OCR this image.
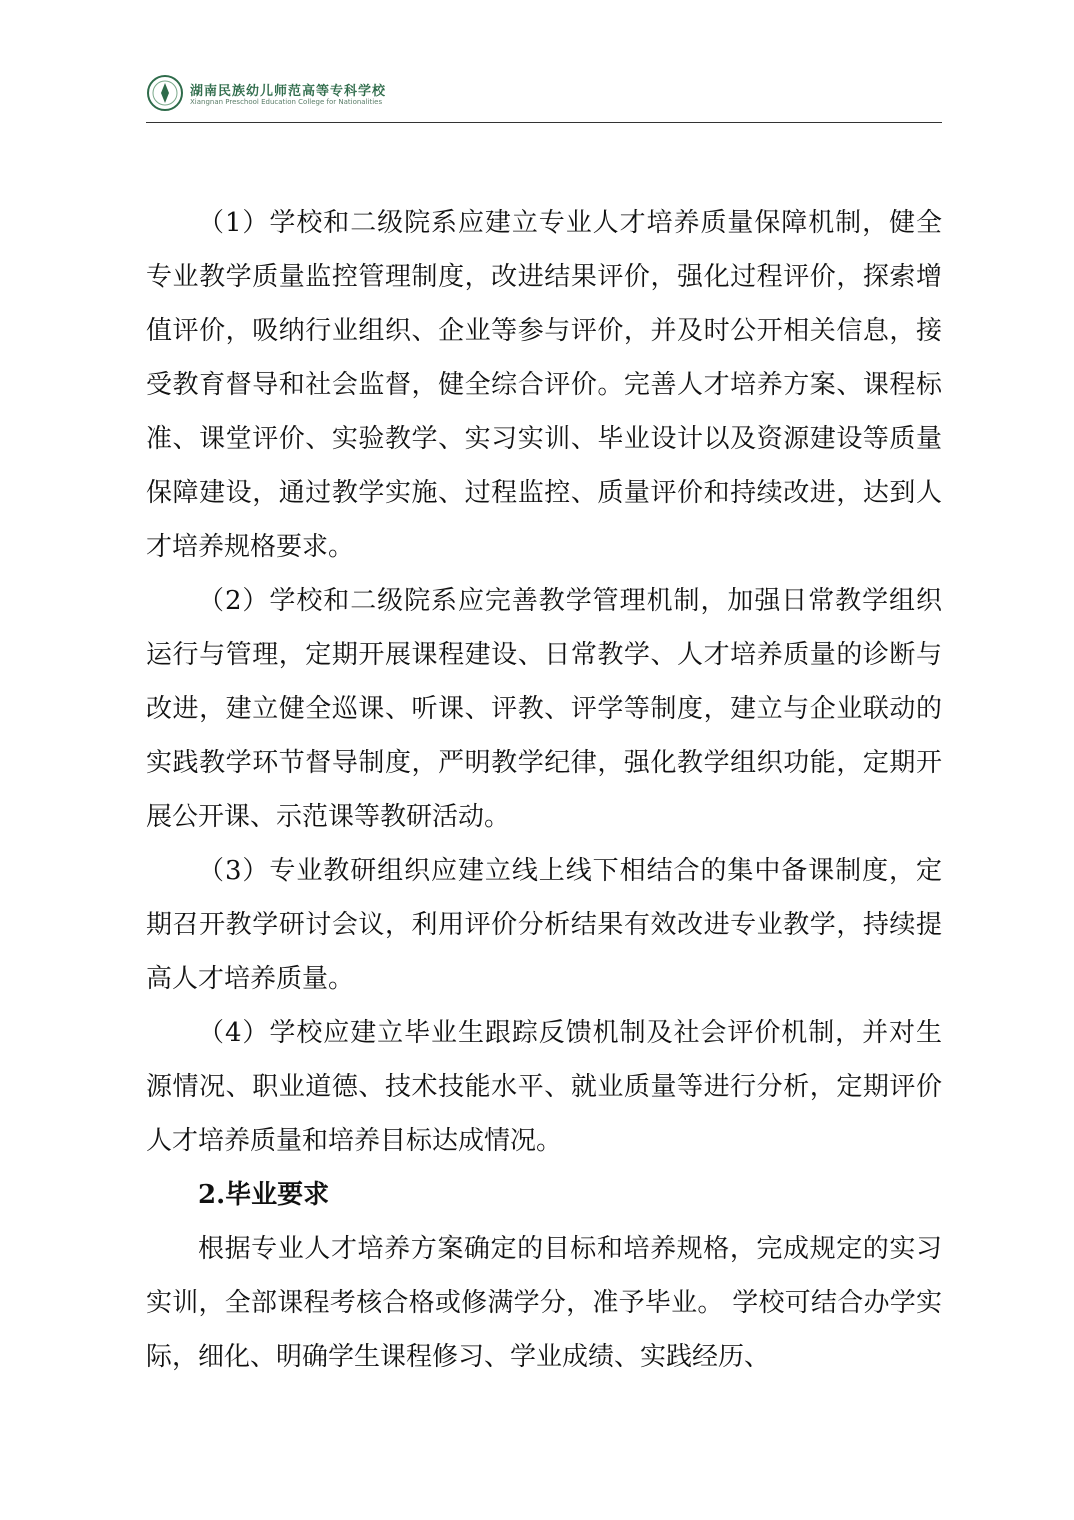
湖南民族幼儿师范高等专科学校
Xiangnan Preschool Education College for Nationalities

（1）学校和二级院系应建立专业人才培养质量保障机制，健全专业教学质量监控管理制度，改进结果评价，强化过程评价，探索增值评价，吸纳行业组织、企业等参与评价，并及时公开相关信息，接受教育督导和社会监督，健全综合评价。完善人才培养方案、课程标准、课堂评价、实验教学、实习实训、毕业设计以及资源建设等质量保障建设，通过教学实施、过程监控、质量评价和持续改进，达到人才培养规格要求。

（2）学校和二级院系应完善教学管理机制，加强日常教学组织运行与管理，定期开展课程建设、日常教学、人才培养质量的诊断与改进，建立健全巡课、听课、评教、评学等制度，建立与企业联动的实践教学环节督导制度，严明教学纪律，强化教学组织功能，定期开展公开课、示范课等教研活动。

（3）专业教研组织应建立线上线下相结合的集中备课制度，定期召开教学研讨会议，利用评价分析结果有效改进专业教学，持续提高人才培养质量。

（4）学校应建立毕业生跟踪反馈机制及社会评价机制，并对生源情况、职业道德、技术技能水平、就业质量等进行分析，定期评价人才培养质量和培养目标达成情况。

2.毕业要求

根据专业人才培养方案确定的目标和培养规格，完成规定的实习实训，全部课程考核合格或修满学分，准予毕业。 学校可结合办学实际，细化、明确学生课程修习、学业成绩、实践经历、
